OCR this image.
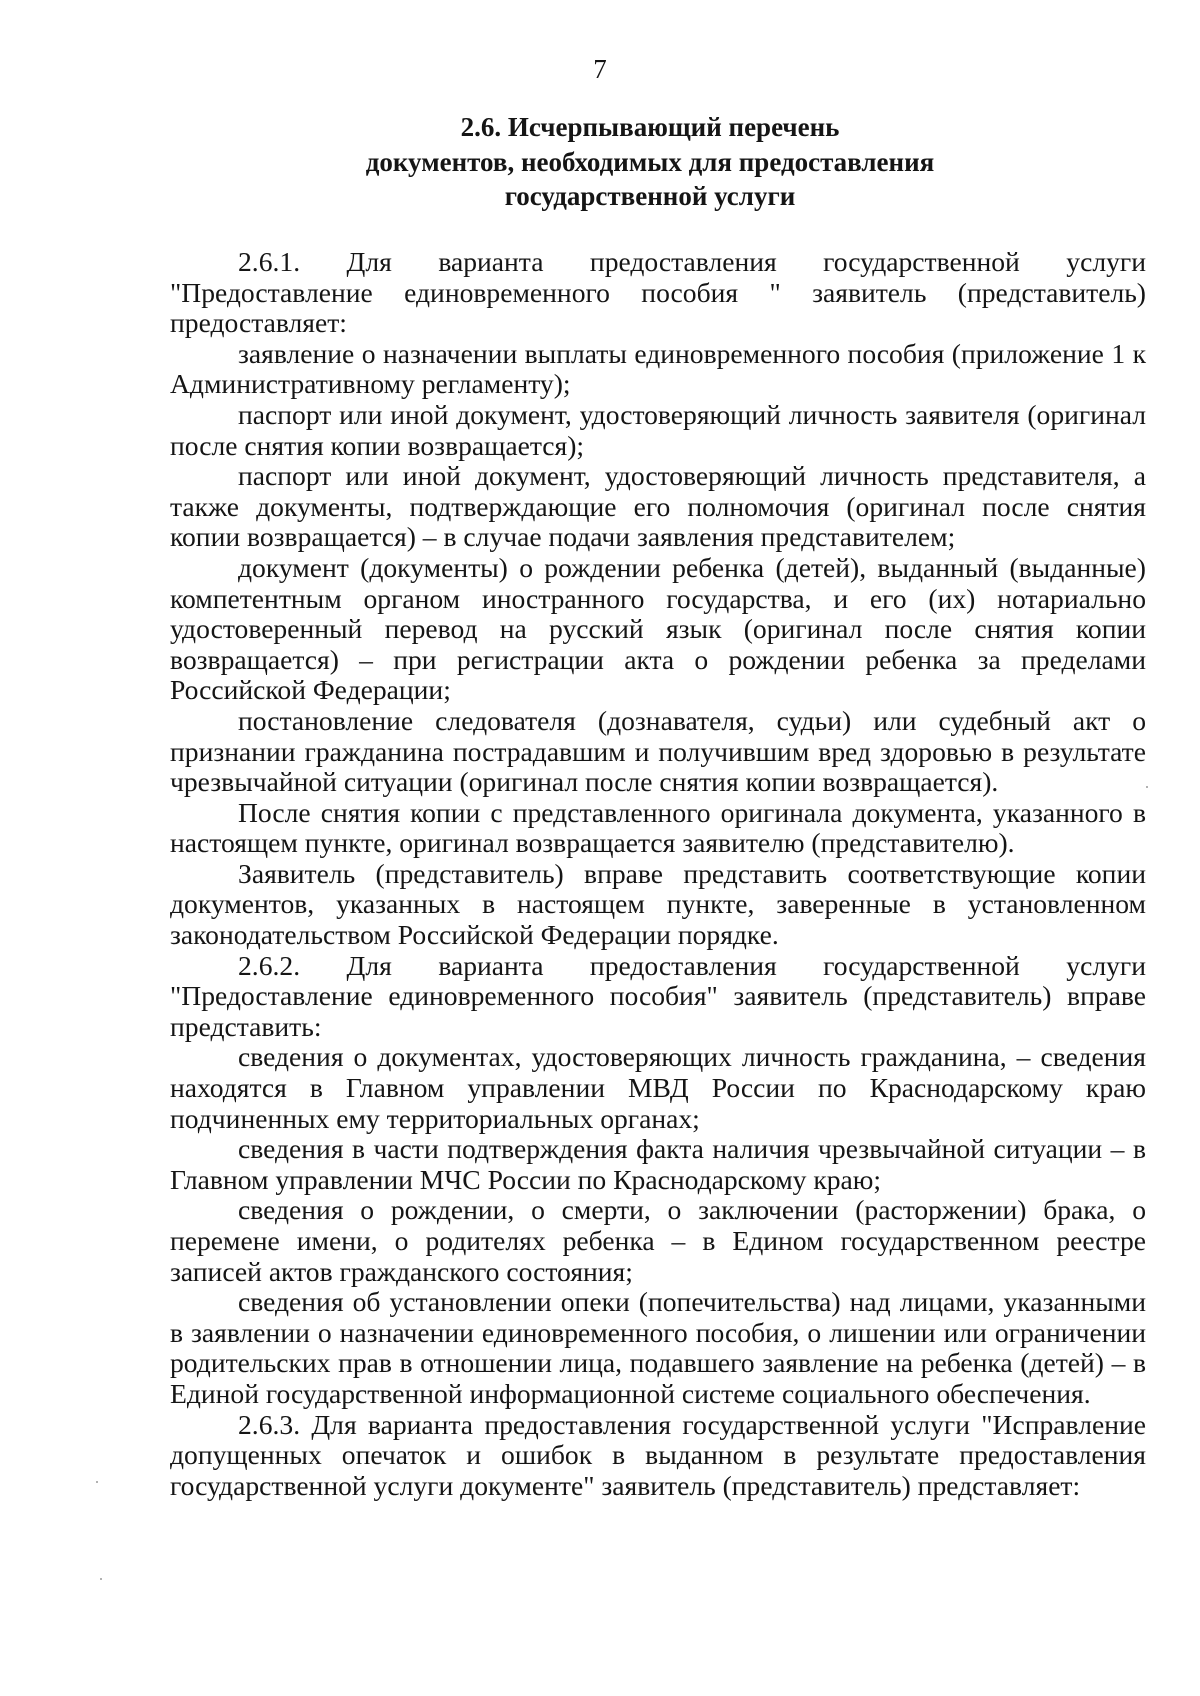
7
2.6. Исчерпывающий перечень
документов, необходимых для предоставления
государственной услуги

2.6.1. Для варианта предоставления государственной услуги "Предоставление единовременного пособия " заявитель (представитель) предоставляет:

заявление о назначении выплаты единовременного пособия (приложение 1 к Административному регламенту);

паспорт или иной документ, удостоверяющий личность заявителя (оригинал после снятия копии возвращается);

паспорт или иной документ, удостоверяющий личность представителя, а также документы, подтверждающие его полномочия (оригинал после снятия копии возвращается) – в случае подачи заявления представителем;

документ (документы) о рождении ребенка (детей), выданный (выданные) компетентным органом иностранного государства, и его (их) нотариально удостоверенный перевод на русский язык (оригинал после снятия копии возвращается) – при регистрации акта о рождении ребенка за пределами Российской Федерации;

постановление следователя (дознавателя, судьи) или судебный акт о признании гражданина пострадавшим и получившим вред здоровью в результате чрезвычайной ситуации (оригинал после снятия копии возвращается).

После снятия копии с представленного оригинала документа, указанного в настоящем пункте, оригинал возвращается заявителю (представителю).

Заявитель (представитель) вправе представить соответствующие копии документов, указанных в настоящем пункте, заверенные в установленном законодательством Российской Федерации порядке.

2.6.2. Для варианта предоставления государственной услуги "Предоставление единовременного пособия" заявитель (представитель) вправе представить:

сведения о документах, удостоверяющих личность гражданина, – сведения находятся в Главном управлении МВД России по Краснодарскому краю подчиненных ему территориальных органах;

сведения в части подтверждения факта наличия чрезвычайной ситуации – в Главном управлении МЧС России по Краснодарскому краю;

сведения о рождении, о смерти, о заключении (расторжении) брака, о перемене имени, о родителях ребенка – в Едином государственном реестре записей актов гражданского состояния;

сведения об установлении опеки (попечительства) над лицами, указанными в заявлении о назначении единовременного пособия, о лишении или ограничении родительских прав в отношении лица, подавшего заявление на ребенка (детей) – в Единой государственной информационной системе социального обеспечения.

2.6.3. Для варианта предоставления государственной услуги "Исправление допущенных опечаток и ошибок в выданном в результате предоставления государственной услуги документе" заявитель (представитель) представляет:
